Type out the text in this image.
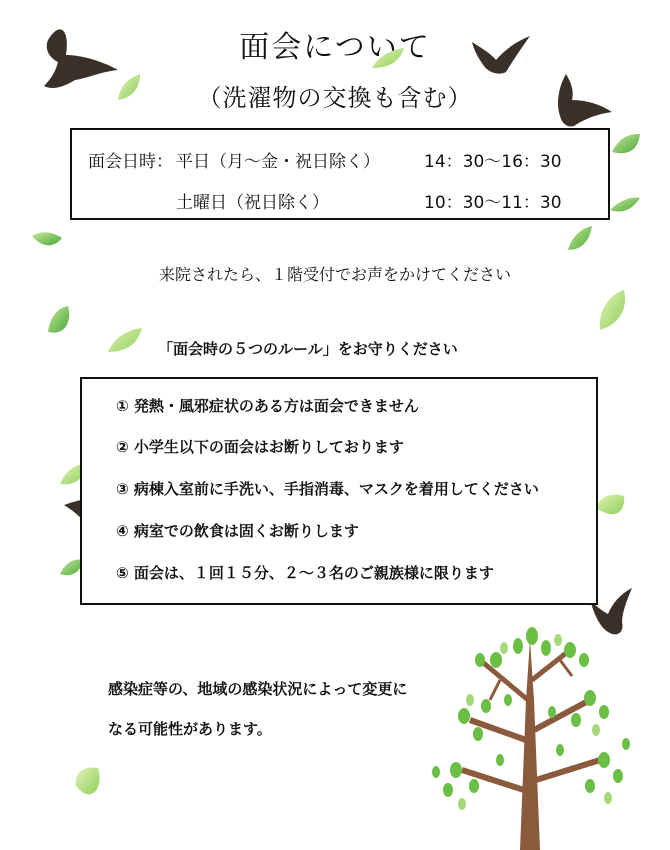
面会について
（洗濯物の交換も含む）
面会日時： 平日（月～金・祝日除く）	14：30～16：30
土曜日（祝日除く）	10：30～11：30
来院されたら、１階受付でお声をかけてください
「面会時の５つのルール」をお守りください
① 発熱・風邪症状のある方は面会できません
② 小学生以下の面会はお断りしております
③ 病棟入室前に手洗い、手指消毒、マスクを着用してください
④ 病室での飲食は固くお断りします
⑤ 面会は、１回１５分、２～３名のご親族様に限ります
感染症等の、地域の感染状況によって変更に
なる可能性があります。
